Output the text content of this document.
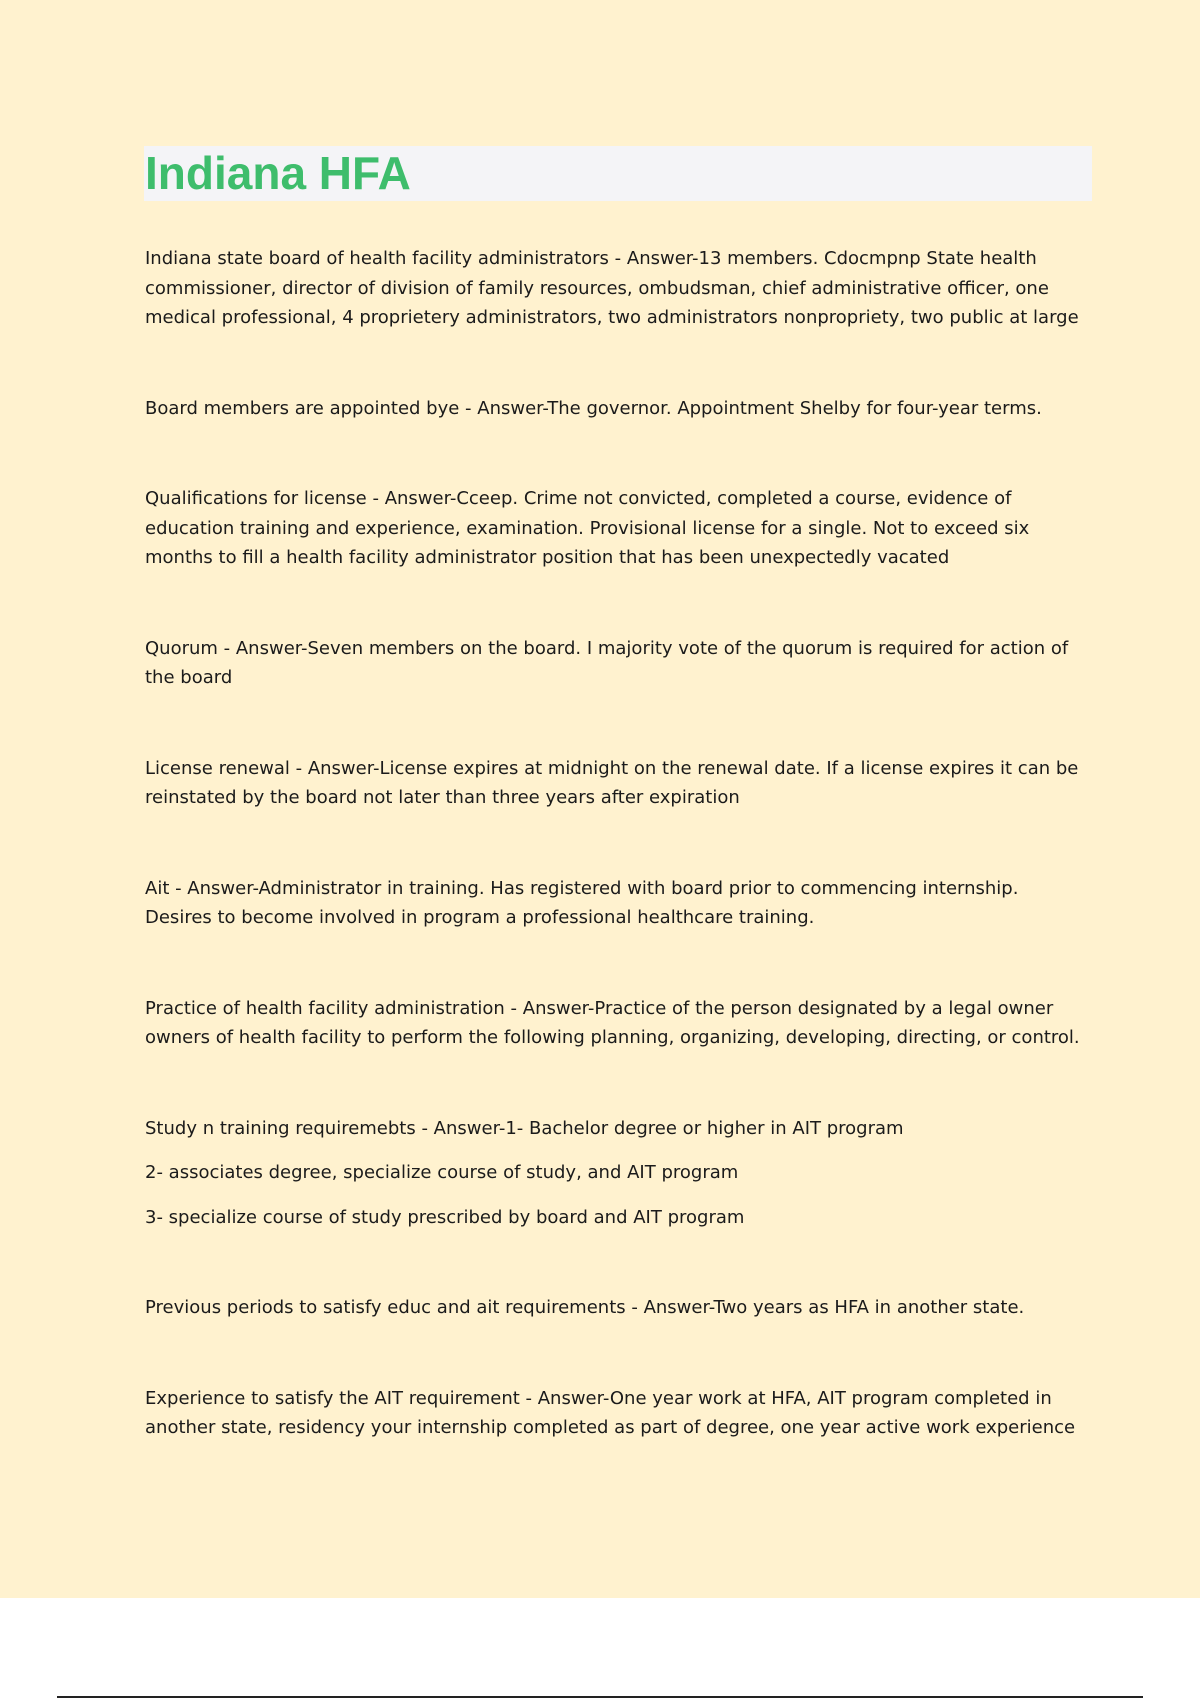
Indiana HFA

Indiana state board of health facility administrators - Answer-13 members. Cdocmpnp State health commissioner, director of division of family resources, ombudsman, chief administrative officer, one medical professional, 4 proprietery administrators, two administrators nonpropriety, two public at large

Board members are appointed bye - Answer-The governor. Appointment Shelby for four-year terms.

Qualifications for license - Answer-Cceep. Crime not convicted, completed a course, evidence of education training and experience, examination. Provisional license for a single. Not to exceed six months to fill a health facility administrator position that has been unexpectedly vacated

Quorum - Answer-Seven members on the board. I majority vote of the quorum is required for action of the board

License renewal - Answer-License expires at midnight on the renewal date. If a license expires it can be reinstated by the board not later than three years after expiration

Ait - Answer-Administrator in training. Has registered with board prior to commencing internship. Desires to become involved in program a professional healthcare training.

Practice of health facility administration - Answer-Practice of the person designated by a legal owner owners of health facility to perform the following planning, organizing, developing, directing, or control.

Study n training requiremebts - Answer-1- Bachelor degree or higher in AIT program

2- associates degree, specialize course of study, and AIT program

3- specialize course of study prescribed by board and AIT program

Previous periods to satisfy educ and ait requirements - Answer-Two years as HFA in another state.

Experience to satisfy the AIT requirement - Answer-One year work at HFA, AIT program completed in another state, residency your internship completed as part of degree, one year active work experience
